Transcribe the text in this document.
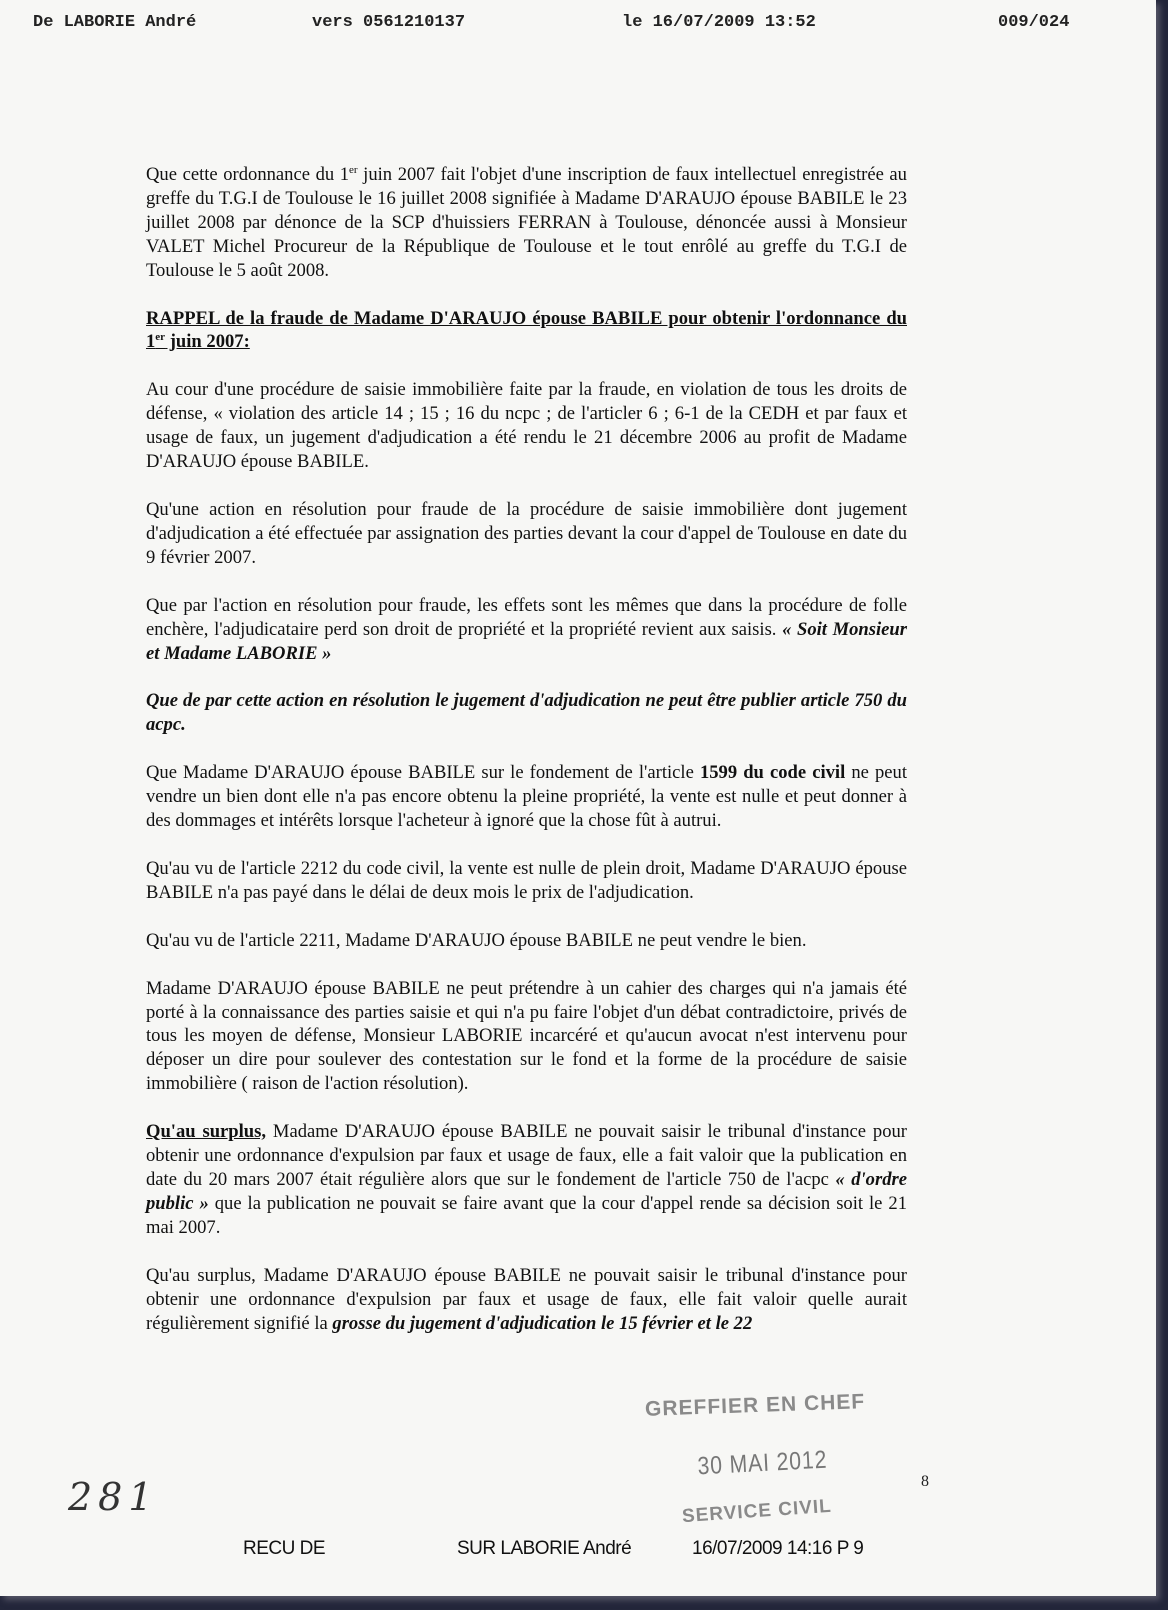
De LABORIE André	vers 0561210137	le 16/07/2009 13:52	009/024

Que cette ordonnance du 1er juin 2007 fait l'objet d'une inscription de faux intellectuel enregistrée au greffe du T.G.I de Toulouse le 16 juillet 2008 signifiée à Madame D'ARAUJO épouse BABILE le 23 juillet 2008 par dénonce de la SCP d'huissiers FERRAN à Toulouse, dénoncée aussi à Monsieur VALET Michel Procureur de la République de Toulouse et le tout enrôlé au greffe du T.G.I de Toulouse le 5 août 2008.

RAPPEL de la fraude de Madame D'ARAUJO épouse BABILE pour obtenir l'ordonnance du 1er juin 2007:

Au cour d'une procédure de saisie immobilière faite par la fraude, en violation de tous les droits de défense, « violation des article 14 ; 15 ; 16 du ncpc ; de l'articler 6 ; 6-1 de la CEDH et par faux et usage de faux, un jugement d'adjudication a été rendu le 21 décembre 2006 au profit de Madame D'ARAUJO épouse BABILE.

Qu'une action en résolution pour fraude de la procédure de saisie immobilière dont jugement d'adjudication a été effectuée par assignation des parties devant la cour d'appel de Toulouse en date du 9 février 2007.

Que par l'action en résolution pour fraude, les effets sont les mêmes que dans la procédure de folle enchère, l'adjudicataire perd son droit de propriété et la propriété revient aux saisis. « Soit Monsieur et Madame LABORIE »

Que de par cette action en résolution le jugement d'adjudication ne peut être publier article 750 du acpc.

Que Madame D'ARAUJO épouse BABILE sur le fondement de l'article 1599 du code civil ne peut vendre un bien dont elle n'a pas encore obtenu la pleine propriété, la vente est nulle et peut donner à des dommages et intérêts lorsque l'acheteur à ignoré que la chose fût à autrui.

Qu'au vu de l'article 2212 du code civil, la vente est nulle de plein droit, Madame D'ARAUJO épouse BABILE n'a pas payé dans le délai de deux mois le prix de l'adjudication.

Qu'au vu de l'article 2211, Madame D'ARAUJO épouse BABILE ne peut vendre le bien.

Madame D'ARAUJO épouse BABILE ne peut prétendre à un cahier des charges qui n'a jamais été porté à la connaissance des parties saisie et qui n'a pu faire l'objet d'un débat contradictoire, privés de tous les moyen de défense, Monsieur LABORIE incarcéré et qu'aucun avocat n'est intervenu pour déposer un dire pour soulever des contestation sur le fond et la forme de la procédure de saisie immobilière ( raison de l'action résolution).

Qu'au surplus, Madame D'ARAUJO épouse BABILE ne pouvait saisir le tribunal d'instance pour obtenir une ordonnance d'expulsion par faux et usage de faux, elle a fait valoir que la publication en date du 20 mars 2007 était régulière alors que sur le fondement de l'article 750 de l'acpc « d'ordre public » que la publication ne pouvait se faire avant que la cour d'appel rende sa décision soit le 21 mai 2007.

Qu'au surplus, Madame D'ARAUJO épouse BABILE ne pouvait saisir le tribunal d'instance pour obtenir une ordonnance d'expulsion par faux et usage de faux, elle fait valoir quelle aurait régulièrement signifié la grosse du jugement d'adjudication le 15 février et le 22

GREFFIER EN CHEF
30 MAI 2012
SERVICE CIVIL
8
281
RECU DE	SUR LABORIE André	16/07/2009 14:16 P 9
